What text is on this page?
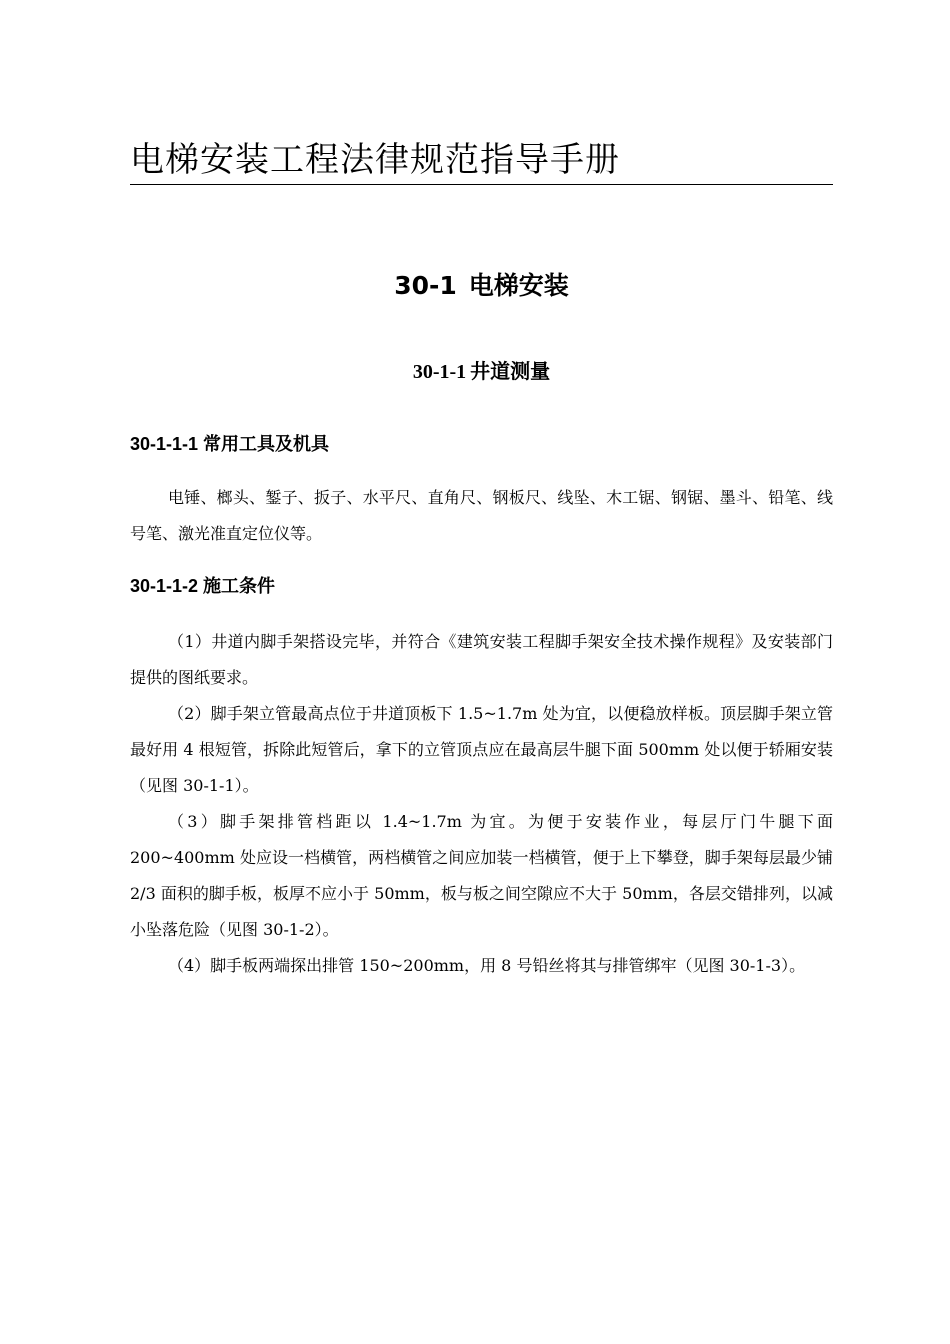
电梯安装工程法律规范指导手册
30-1 电梯安装
30-1-1 井道测量
30-1-1-1 常用工具及机具

电锤、榔头、錾子、扳子、水平尺、直角尺、钢板尺、线坠、木工锯、钢锯、墨斗、铅笔、线号笔、激光准直定位仪等。

30-1-1-2 施工条件

（1）井道内脚手架搭设完毕，并符合《建筑安装工程脚手架安全技术操作规程》及安装部门提供的图纸要求。

（2）脚手架立管最高点位于井道顶板下 1.5~1.7m 处为宜，以便稳放样板。顶层脚手架立管最好用 4 根短管，拆除此短管后，拿下的立管顶点应在最高层牛腿下面 500mm 处以便于轿厢安装（见图 30-1-1）。

（3）脚手架排管档距以 1.4~1.7m 为宜。为便于安装作业，每层厅门牛腿下面 200~400mm 处应设一档横管，两档横管之间应加装一档横管，便于上下攀登，脚手架每层最少铺 2/3 面积的脚手板，板厚不应小于 50mm，板与板之间空隙应不大于 50mm，各层交错排列，以减小坠落危险（见图 30-1-2）。

（4）脚手板两端探出排管 150~200mm，用 8 号铅丝将其与排管绑牢（见图 30-1-3）。
